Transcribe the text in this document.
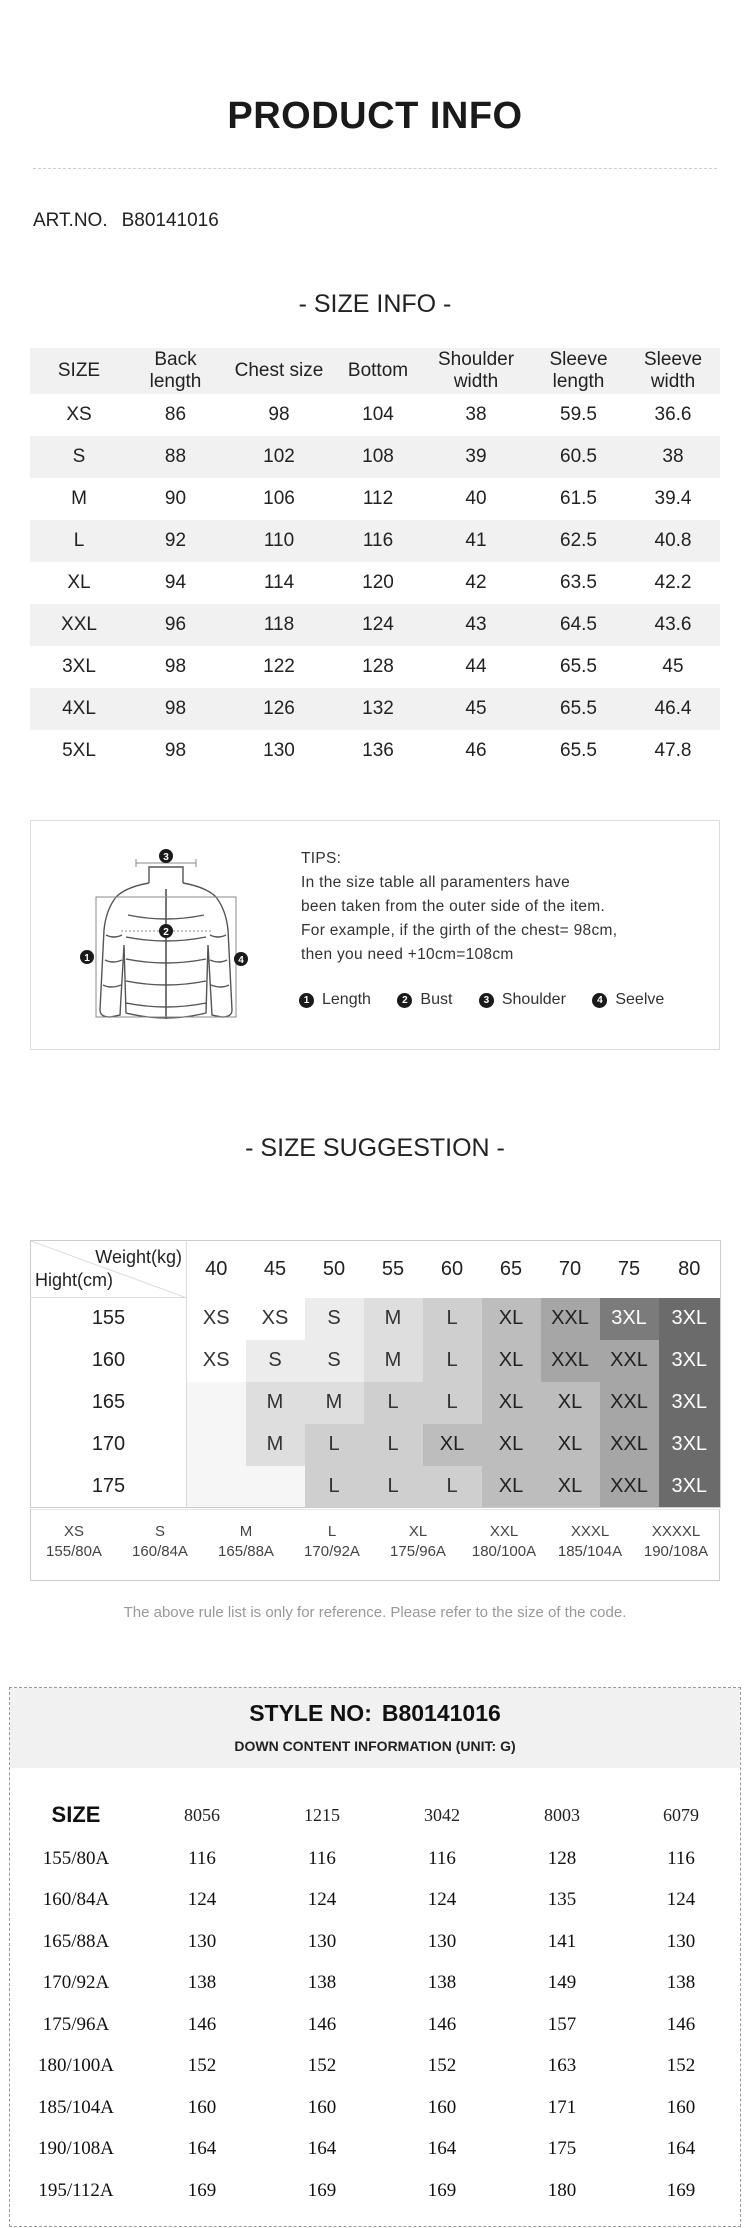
PRODUCT INFO
ART.NO. B80141016
- SIZE INFO -
SIZE	Back length	Chest size	Bottom	Shoulder width	Sleeve length	Sleeve width
XS	86	98	104	38	59.5	36.6
S	88	102	108	39	60.5	38
M	90	106	112	40	61.5	39.4
L	92	110	116	41	62.5	40.8
XL	94	114	120	42	63.5	42.2
XXL	96	118	124	43	64.5	43.6
3XL	98	122	128	44	65.5	45
4XL	98	126	132	45	65.5	46.4
5XL	98	130	136	46	65.5	47.8
1
2
3
4
TIPS:
In the size table all paramenters have
been taken from the outer side of the item.
For example, if the girth of the chest= 98cm,
then you need +10cm=108cm
1 Length	2 Bust	3 Shoulder	4 Seelve
- SIZE SUGGESTION -
Weight(kg)
Hight(cm)	40	45	50	55	60	65	70	75	80
155	XS	XS	S	M	L	XL	XXL	3XL	3XL
160	XS	S	S	M	L	XL	XXL	XXL	3XL
165		M	M	L	L	XL	XL	XXL	3XL
170		M	L	L	XL	XL	XL	XXL	3XL
175			L	L	L	XL	XL	XXL	3XL
XS
155/80A
S
160/84A
M
165/88A
L
170/92A
XL
175/96A
XXL
180/100A
XXXL
185/104A
XXXXL
190/108A
The above rule list is only for reference. Please refer to the size of the code.
STYLE NO: B80141016
DOWN CONTENT INFORMATION (UNIT: G)
SIZE	8056	1215	3042	8003	6079
155/80A	116	116	116	128	116
160/84A	124	124	124	135	124
165/88A	130	130	130	141	130
170/92A	138	138	138	149	138
175/96A	146	146	146	157	146
180/100A	152	152	152	163	152
185/104A	160	160	160	171	160
190/108A	164	164	164	175	164
195/112A	169	169	169	180	169
